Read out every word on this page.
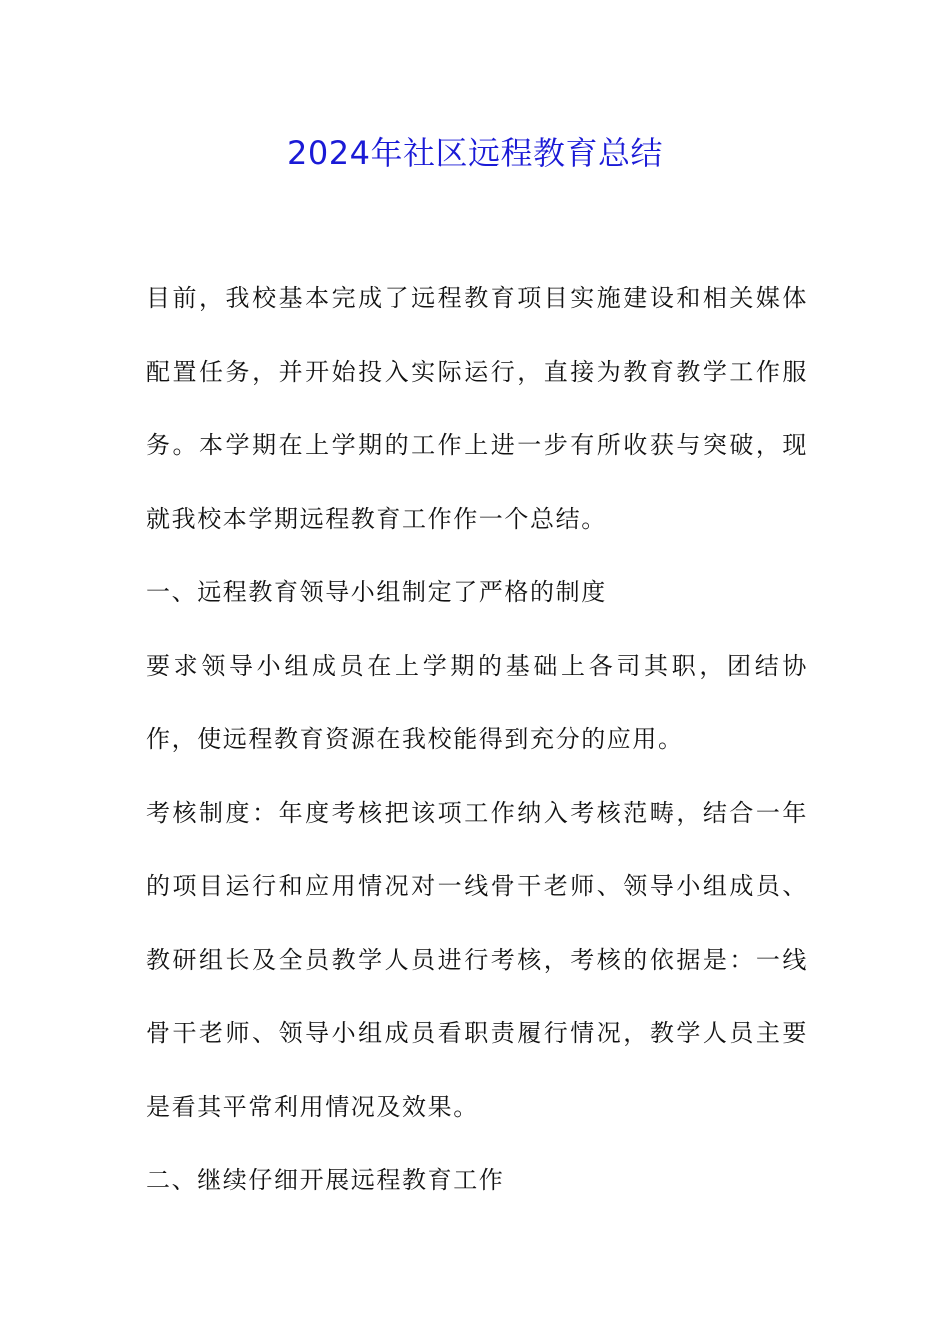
2024年社区远程教育总结

目前，我校基本完成了远程教育项目实施建设和相关媒体配置任务，并开始投入实际运行，直接为教育教学工作服务。本学期在上学期的工作上进一步有所收获与突破，现就我校本学期远程教育工作作一个总结。

一、远程教育领导小组制定了严格的制度

要求领导小组成员在上学期的基础上各司其职，团结协作，使远程教育资源在我校能得到充分的应用。

考核制度：年度考核把该项工作纳入考核范畴，结合一年的项目运行和应用情况对一线骨干老师、领导小组成员、教研组长及全员教学人员进行考核，考核的依据是：一线骨干老师、领导小组成员看职责履行情况，教学人员主要是看其平常利用情况及效果。

二、继续仔细开展远程教育工作
